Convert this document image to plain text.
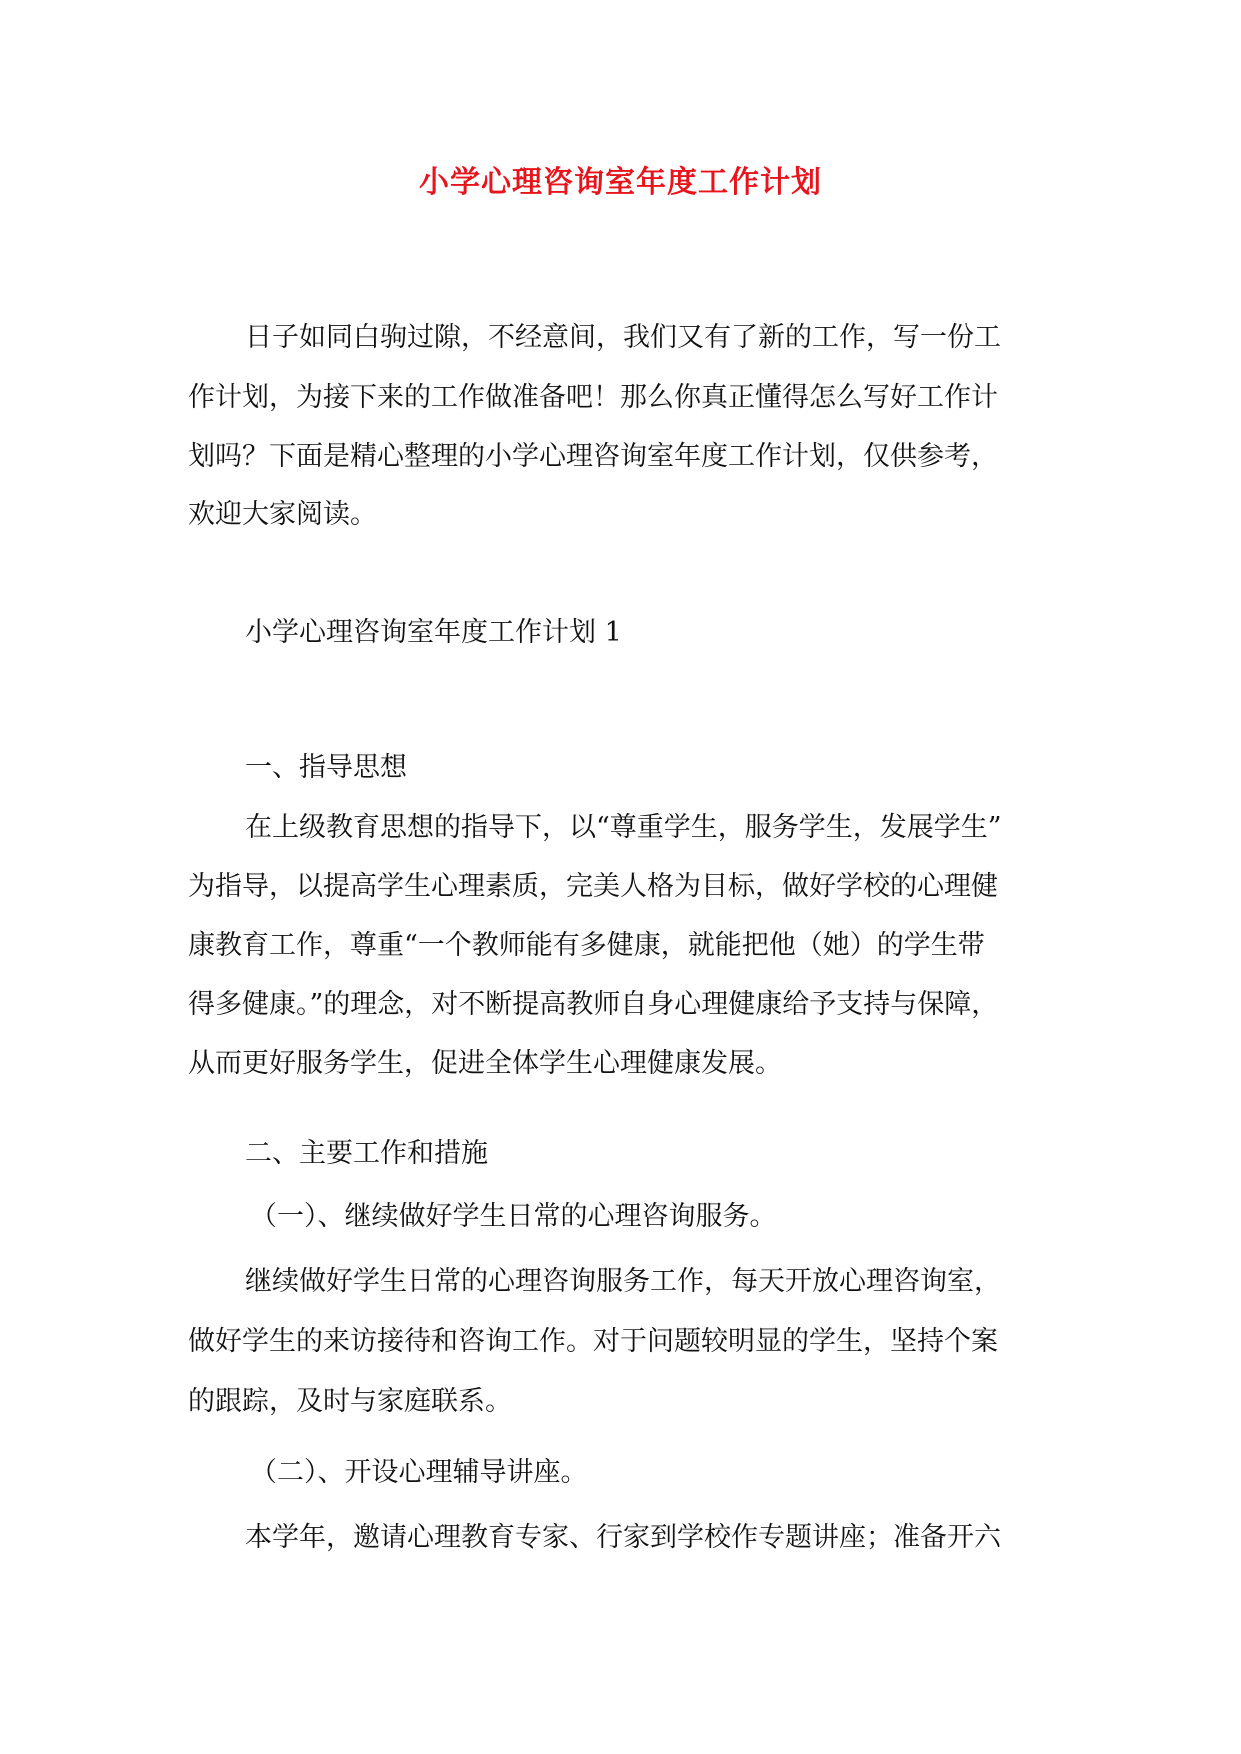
小学心理咨询室年度工作计划
日子如同白驹过隙，不经意间，我们又有了新的工作，写一份工
作计划，为接下来的工作做准备吧！那么你真正懂得怎么写好工作计
划吗？下面是精心整理的小学心理咨询室年度工作计划，仅供参考，
欢迎大家阅读。
小学心理咨询室年度工作计划 1
一、指导思想
在上级教育思想的指导下，以“尊重学生，服务学生，发展学生”
为指导，以提高学生心理素质，完美人格为目标，做好学校的心理健
康教育工作，尊重“一个教师能有多健康，就能把他（她）的学生带
得多健康。”的理念，对不断提高教师自身心理健康给予支持与保障，
从而更好服务学生，促进全体学生心理健康发展。
二、主要工作和措施
（一）、继续做好学生日常的心理咨询服务。
继续做好学生日常的心理咨询服务工作，每天开放心理咨询室，
做好学生的来访接待和咨询工作。对于问题较明显的学生，坚持个案
的跟踪，及时与家庭联系。
（二）、开设心理辅导讲座。
本学年，邀请心理教育专家、行家到学校作专题讲座；准备开六
